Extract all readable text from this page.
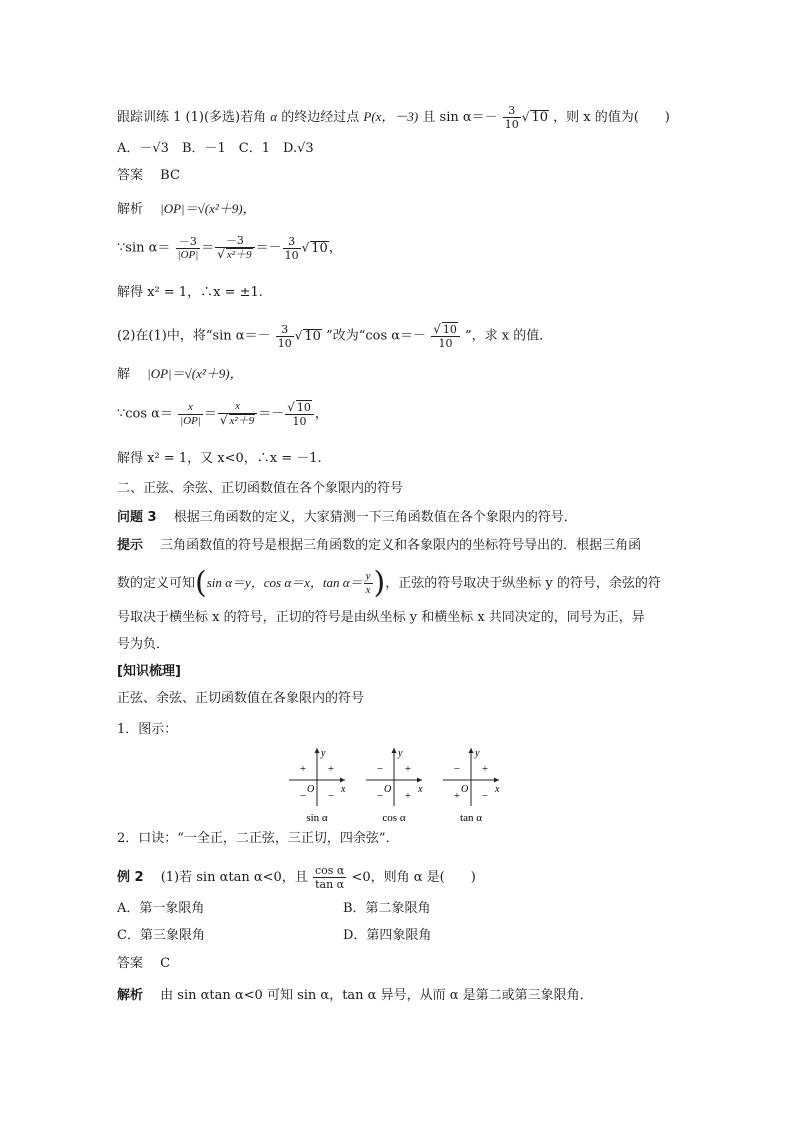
跟踪训练 1 (1)(多选)若角 α 的终边经过点 P(x，－3) 且 $\sin \alpha=- \frac{3}{10}$ √ 10 ，则 x 的值为(　　)
A．－√3　B．－1　C．1　D.√3
答案　 BC
解析　 |OP|＝√(x²＋9)，
∵sin $\alpha= \frac{-3}{|OP|} = \frac{-3}{\text{√ x²＋9}} =- \frac{3}{10}$ √ 10，
解得 x² = 1，∴x = ±1.
(2)在(1)中，将“sin $\alpha=- \frac{3}{10}$ √ 10 ”改为“cos $\alpha=- \frac{√ 10}{10}$ ”，求 x 的值．
解　 |OP|＝√(x²＋9)，
∵cos $\alpha= \frac{x}{|OP|} = \frac{x}{\text{√ x²＋9}} =- \frac{√ 10}{10}$ ，
解得 x² = 1，又 x<0，∴x = －1.
二、正弦、余弦、正切函数值在各个象限内的符号
问题 3　 根据三角函数的定义，大家猜测一下三角函数值在各个象限内的符号．
提示　 三角函数值的符号是根据三角函数的定义和各象限内的坐标符号导出的．根据三角函
数的定义可知(sin α＝y，cos α＝x，$\tan \alpha= \frac{y}{x}$ )，正弦的符号取决于纵坐标 y 的符号，余弦的符
号取决于横坐标 x 的符号，正切的符号是由纵坐标 y 和横坐标 x 共同决定的，同号为正，异
号为负．
[知识梳理]
正弦、余弦、正切函数值在各象限内的符号
1．图示：
y
x
O
+
+
− −
sin α
y
x
O
+
−
− +
cos α
y
x
O
+
−
+ −
tan α
2．口诀：“一全正，二正弦，三正切，四余弦”．
例 2　 (1)若 sin αtan α<0，且 $\frac{\text{cos α}}{\text{tan α}} <0$，则角 α 是(　　)
A．第一象限角	B．第二象限角
C．第三象限角	D．第四象限角
答案　 C
解析　 由 sin αtan α<0 可知 sin α，tan α 异号，从而 α 是第二或第三象限角．
